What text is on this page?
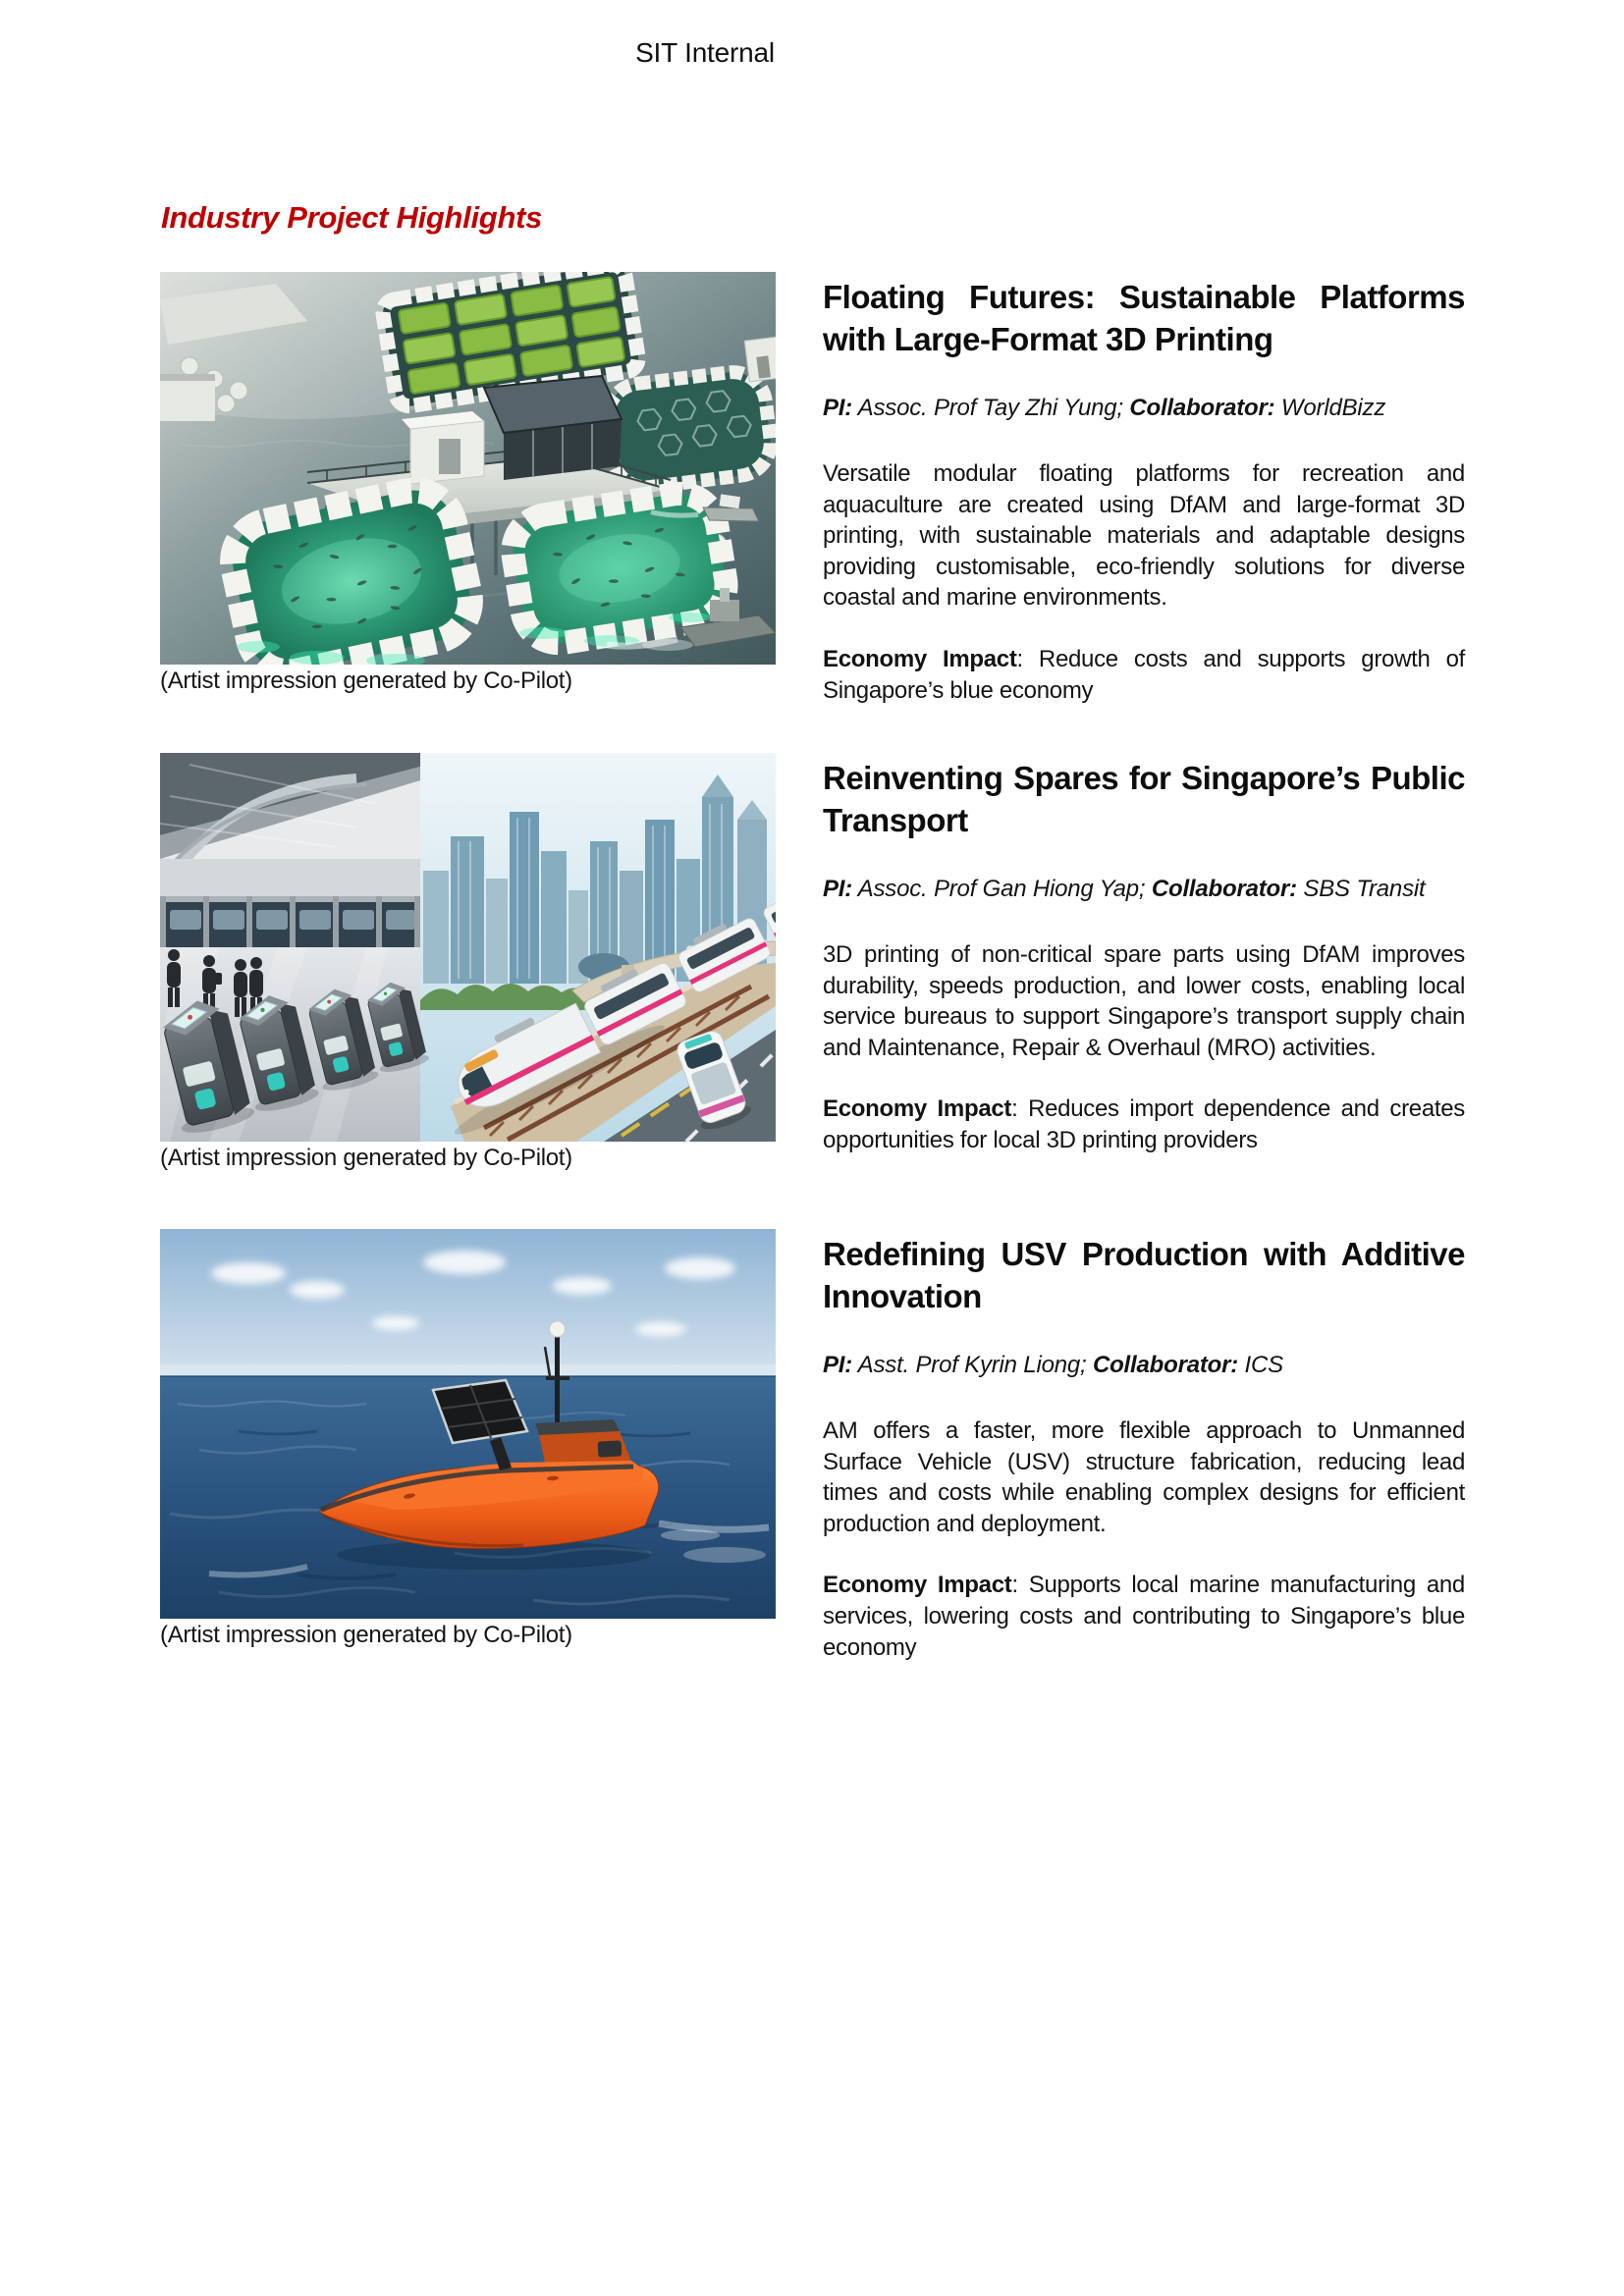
SIT Internal
Industry Project Highlights
(Artist impression generated by Co-Pilot)
Floating Futures: Sustainable Platforms
with Large-Format 3D Printing
PI: Assoc. Prof Tay Zhi Yung; Collaborator: WorldBizz
Versatile modular floating platforms for recreation and aquaculture are created using DfAM and large-format 3D printing, with sustainable materials and adaptable designs providing customisable, eco-friendly solutions for diverse coastal and marine environments.
Economy Impact: Reduce costs and supports growth of Singapore’s blue economy
(Artist impression generated by Co-Pilot)
Reinventing Spares for Singapore’s Public
Transport
PI: Assoc. Prof Gan Hiong Yap; Collaborator: SBS Transit
3D printing of non-critical spare parts using DfAM improves durability, speeds production, and lower costs, enabling local service bureaus to support Singapore’s transport supply chain and Maintenance, Repair & Overhaul (MRO) activities.
Economy Impact: Reduces import dependence and creates opportunities for local 3D printing providers
(Artist impression generated by Co-Pilot)
Redefining USV Production with Additive
Innovation
PI: Asst. Prof Kyrin Liong; Collaborator: ICS
AM offers a faster, more flexible approach to Unmanned Surface Vehicle (USV) structure fabrication, reducing lead times and costs while enabling complex designs for efficient production and deployment.
Economy Impact: Supports local marine manufacturing and services, lowering costs and contributing to Singapore’s blue economy
